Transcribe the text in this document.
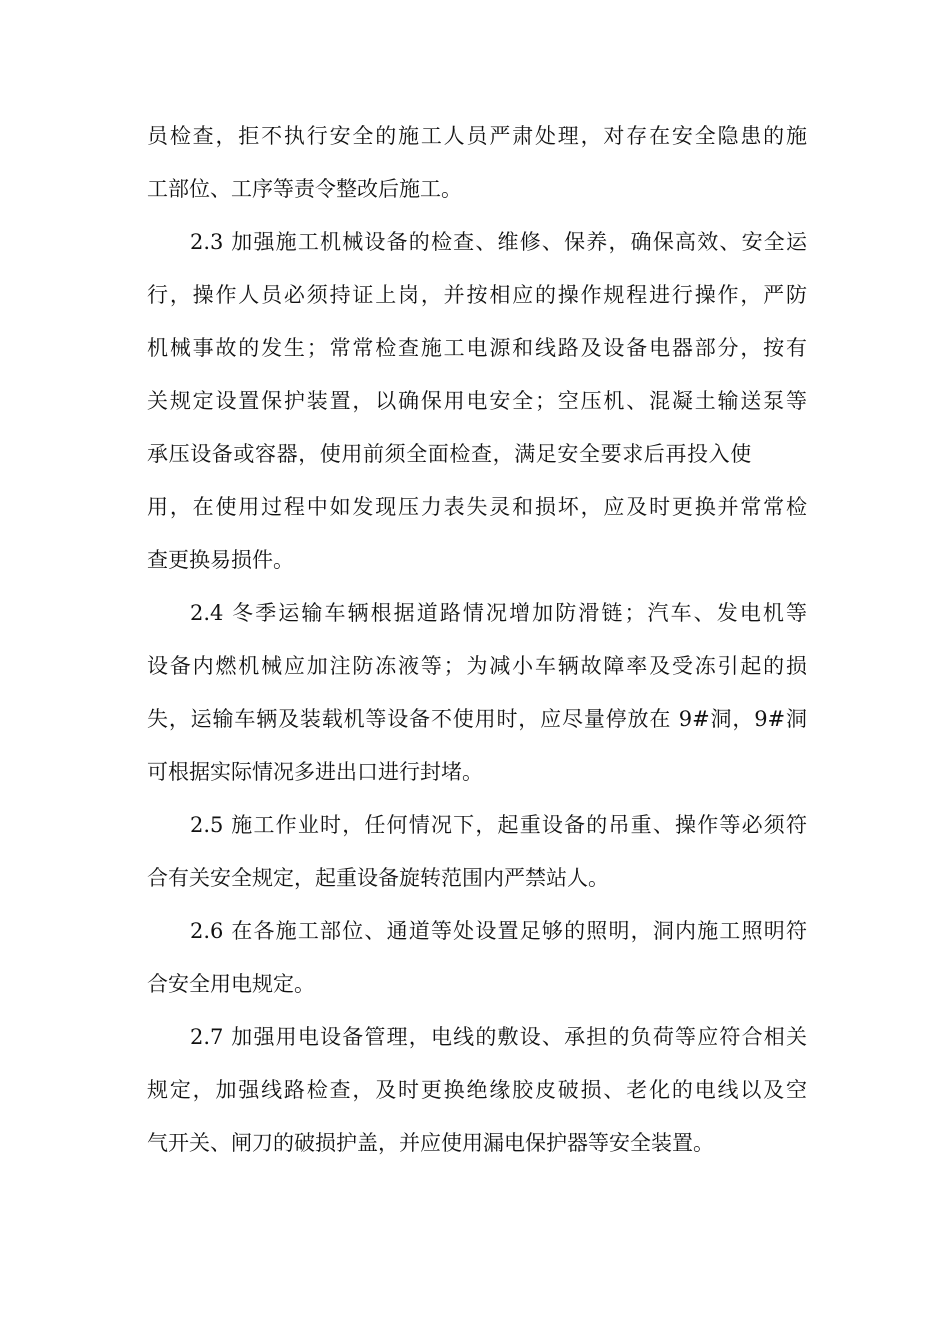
员检查，拒不执行安全的施工人员严肃处理，对存在安全隐患的施

工部位、工序等责令整改后施工。

2.3 加强施工机械设备的检查、维修、保养，确保高效、安全运

行，操作人员必须持证上岗，并按相应的操作规程进行操作，严防

机械事故的发生；常常检查施工电源和线路及设备电器部分，按有

关规定设置保护装置，以确保用电安全；空压机、混凝土输送泵等

承压设备或容器，使用前须全面检查，满足安全要求后再投入使

用，在使用过程中如发现压力表失灵和损坏，应及时更换并常常检

查更换易损件。

2.4 冬季运输车辆根据道路情况增加防滑链；汽车、发电机等

设备内燃机械应加注防冻液等；为减小车辆故障率及受冻引起的损

失，运输车辆及装载机等设备不使用时，应尽量停放在 9#洞，9#洞

可根据实际情况多进出口进行封堵。

2.5 施工作业时，任何情况下，起重设备的吊重、操作等必须符

合有关安全规定，起重设备旋转范围内严禁站人。

2.6 在各施工部位、通道等处设置足够的照明，洞内施工照明符

合安全用电规定。

2.7 加强用电设备管理，电线的敷设、承担的负荷等应符合相关

规定，加强线路检查，及时更换绝缘胶皮破损、老化的电线以及空

气开关、闸刀的破损护盖，并应使用漏电保护器等安全装置。
